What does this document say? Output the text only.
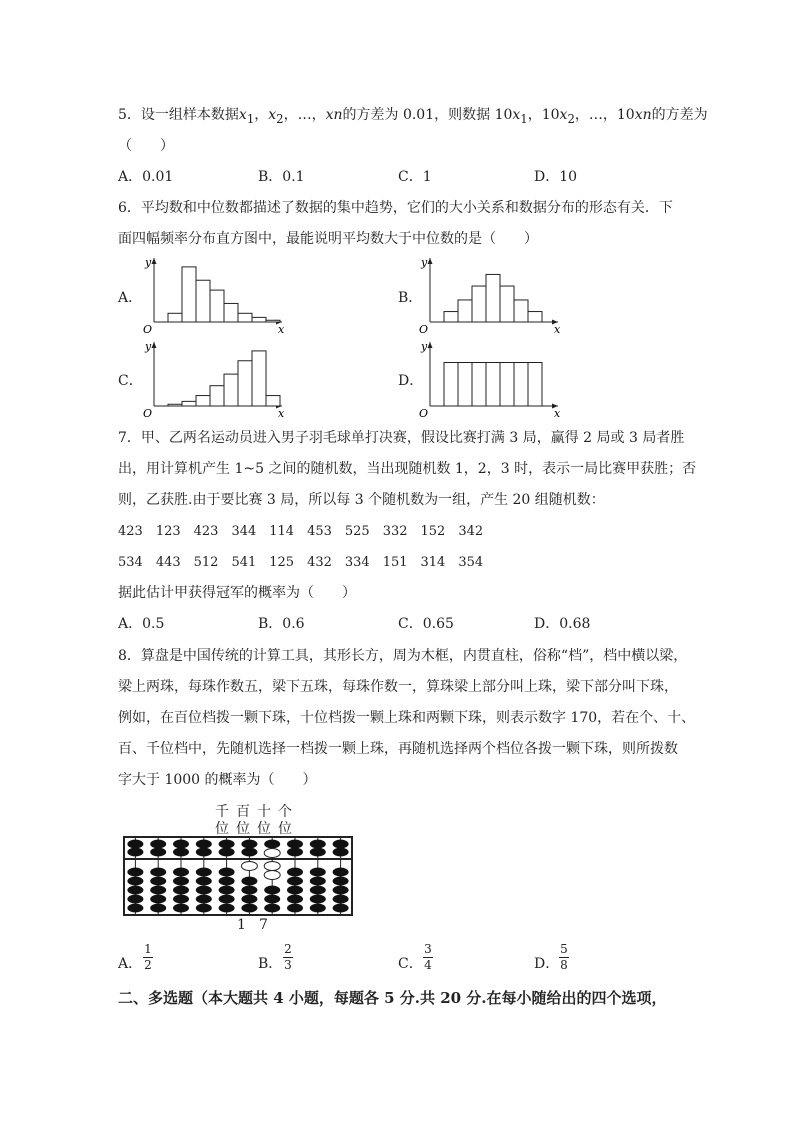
5．设一组样本数据$x_1$，$x_2$，…，xn的方差为 0.01，则数据 $10x_1$，$10x_2$，…，10xn的方差为
（　　）
A．0.01	B．0.1	C．1	D．10
6．平均数和中位数都描述了数据的集中趋势，它们的大小关系和数据分布的形态有关．下
面四幅频率分布直方图中，最能说明平均数大于中位数的是（　　）
A．	B．
C．	D．
y
x
O
y
x
O
y
x
O
y
x
O
7．甲、乙两名运动员进入男子羽毛球单打决赛，假设比赛打满 3 局，赢得 2 局或 3 局者胜
出，用计算机产生 1~5 之间的随机数，当出现随机数 1，2，3 时，表示一局比赛甲获胜；否
则，乙获胜.由于要比赛 3 局，所以每 3 个随机数为一组，产生 20 组随机数：
423　123　423　344　114　453　525　332　152　342
534　443　512　541　125　432　334　151　314　354
据此估计甲获得冠军的概率为（　　）
A．0.5	B．0.6	C．0.65	D．0.68
8．算盘是中国传统的计算工具，其形长方，周为木框，内贯直柱，俗称“档”，档中横以梁，
梁上两珠，每珠作数五，梁下五珠，每珠作数一，算珠梁上部分叫上珠，梁下部分叫下珠，
例如，在百位档拨一颗下珠，十位档拨一颗上珠和两颗下珠，则表示数字 170，若在个、十、
百、千位档中，先随机选择一档拨一颗上珠，再随机选择两个档位各拨一颗下珠，则所拨数
字大于 1000 的概率为（　　）
千 百 十 个
位 位 位 位
1 7
A．
1
2	B．
2
3	C．
3
4	D．
5
8
二、多选题（本大题共 4 小题，每题各 5 分.共 20 分.在每小随给出的四个选项，
